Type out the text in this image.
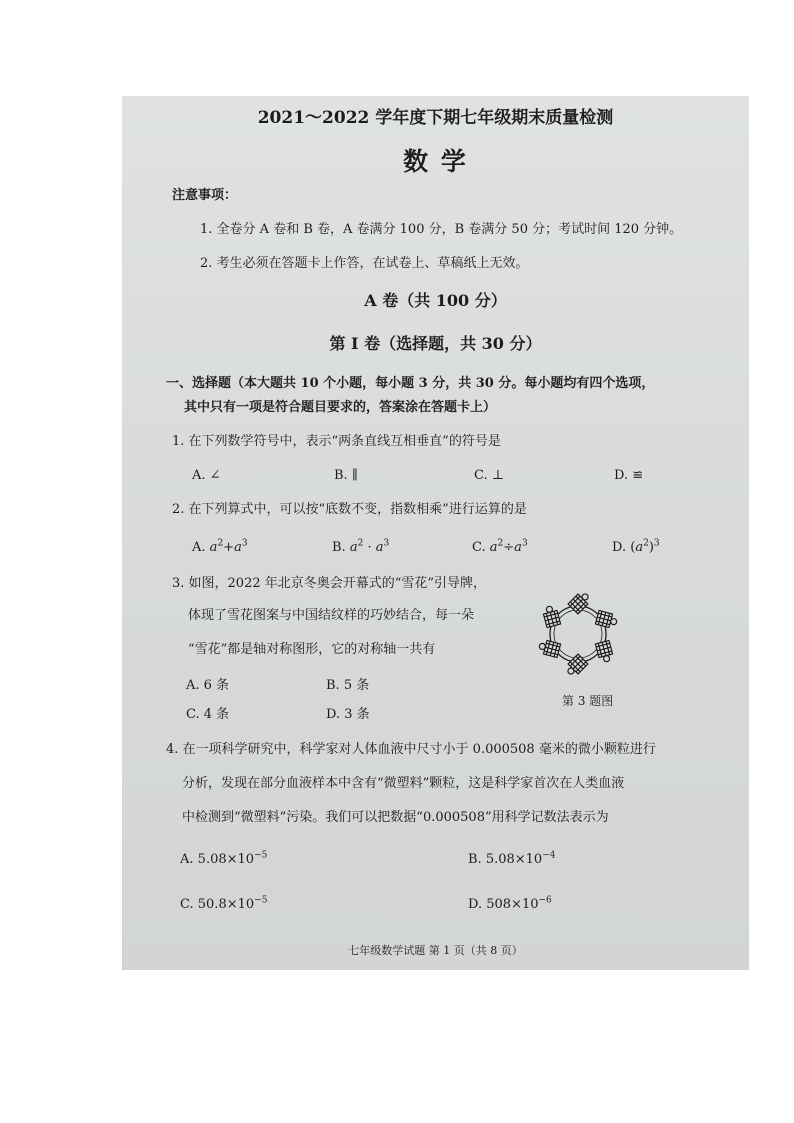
2021～2022 学年度下期七年级期末质量检测
数 学
注意事项：
1. 全卷分 A 卷和 B 卷，A 卷满分 100 分，B 卷满分 50 分；考试时间 120 分钟。
2. 考生必须在答题卡上作答，在试卷上、草稿纸上无效。
A 卷（共 100 分）
第 I 卷（选择题，共 30 分）
一、选择题（本大题共 10 个小题，每小题 3 分，共 30 分。每小题均有四个选项，
其中只有一项是符合题目要求的，答案涂在答题卡上）
1. 在下列数学符号中，表示“两条直线互相垂直”的符号是
A. ∠	B. ∥	C. ⊥	D. ≌
2. 在下列算式中，可以按“底数不变，指数相乘”进行运算的是
A. $a^2+a^3$	B. $a^2 \cdot a^3$	C. $a^2\div a^3$	D. $(a^2)^3$
3. 如图，2022 年北京冬奥会开幕式的“雪花”引导牌，
体现了雪花图案与中国结纹样的巧妙结合，每一朵
“雪花”都是轴对称图形，它的对称轴一共有
A. 6 条	B. 5 条
C. 4 条	D. 3 条
第 3 题图
4. 在一项科学研究中，科学家对人体血液中尺寸小于 0.000508 毫米的微小颗粒进行
分析，发现在部分血液样本中含有“微塑料”颗粒，这是科学家首次在人类血液
中检测到“微塑料”污染。我们可以把数据“0.000508”用科学记数法表示为
A. $5.08\times 10^{-5}$	B. $5.08\times 10^{-4}$
C. $50.8\times 10^{-5}$	D. $508\times 10^{-6}$
七年级数学试题 第 1 页（共 8 页）
